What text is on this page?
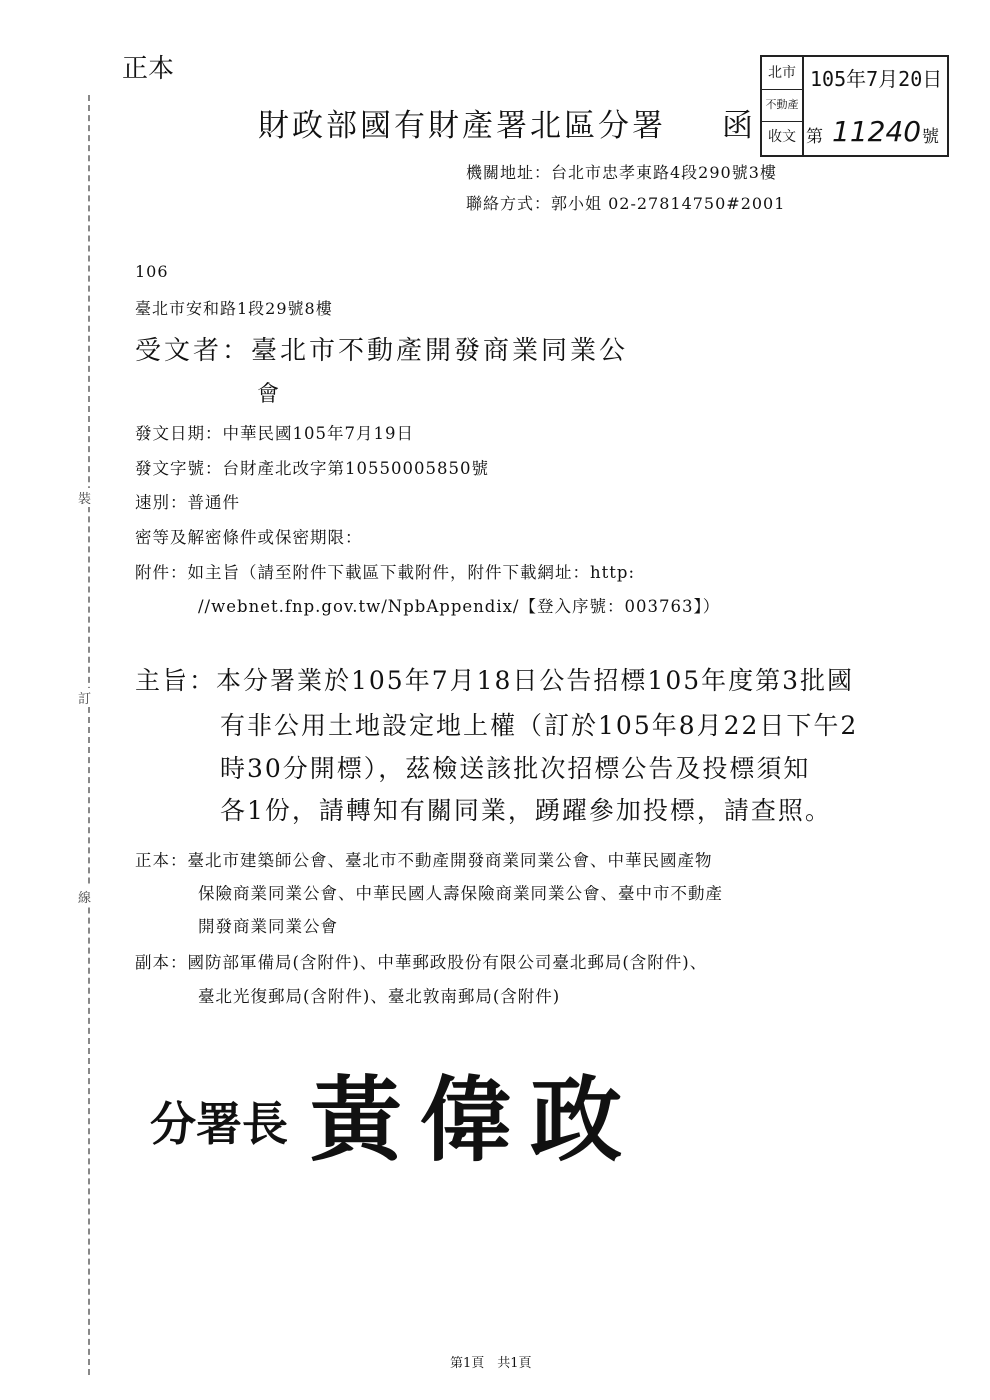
正本
財政部國有財產署北區分署 函
北市
不動產
收文
105年7月20日
第 11240 號
機關地址：台北市忠孝東路4段290號3樓
聯絡方式：郭小姐 02-27814750#2001
106
臺北市安和路1段29號8樓
受文者：臺北市不動產開發商業同業公
會
發文日期：中華民國105年7月19日
發文字號：台財產北改字第10550005850號
速別：普通件
密等及解密條件或保密期限：
附件：如主旨（請至附件下載區下載附件，附件下載網址：http:
//webnet.fnp.gov.tw/NpbAppendix/【登入序號：003763】）
主旨：本分署業於105年7月18日公告招標105年度第3批國
有非公用土地設定地上權（訂於105年8月22日下午2
時30分開標），茲檢送該批次招標公告及投標須知
各1份，請轉知有關同業，踴躍參加投標，請查照。
正本：臺北市建築師公會、臺北市不動產開發商業同業公會、中華民國產物
保險商業同業公會、中華民國人壽保險商業同業公會、臺中市不動產
開發商業同業公會
副本：國防部軍備局(含附件)、中華郵政股份有限公司臺北郵局(含附件)、
臺北光復郵局(含附件)、臺北敦南郵局(含附件)
裝
訂
線
分署長 黃偉政
第1頁　共1頁
